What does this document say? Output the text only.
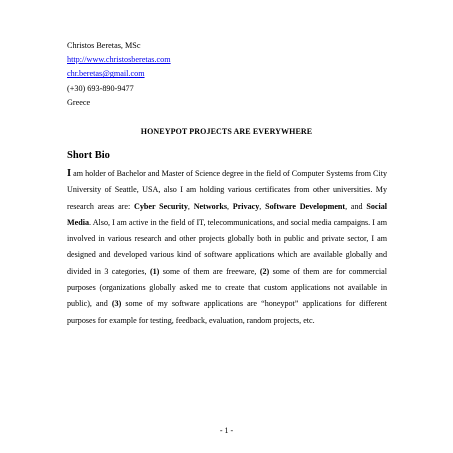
Christos Beretas, MSc

http://www.christosberetas.com

chr.beretas@gmail.com

(+30) 693-890-9477

Greece

HONEYPOT PROJECTS ARE EVERYWHERE
Short Bio

I am holder of Bachelor and Master of Science degree in the field of Computer Systems from City University of Seattle, USA, also I am holding various certificates from other universities. My research areas are: Cyber Security, Networks, Privacy, Software Development, and Social Media. Also, I am active in the field of IT, telecommunications, and social media campaigns. I am involved in various research and other projects globally both in public and private sector, I am designed and developed various kind of software applications which are available globally and divided in 3 categories, (1) some of them are freeware, (2) some of them are for commercial purposes (organizations globally asked me to create that custom applications not available in public), and (3) some of my software applications are “honeypot” applications for different purposes for example for testing, feedback, evaluation, random projects, etc.

- 1 -
